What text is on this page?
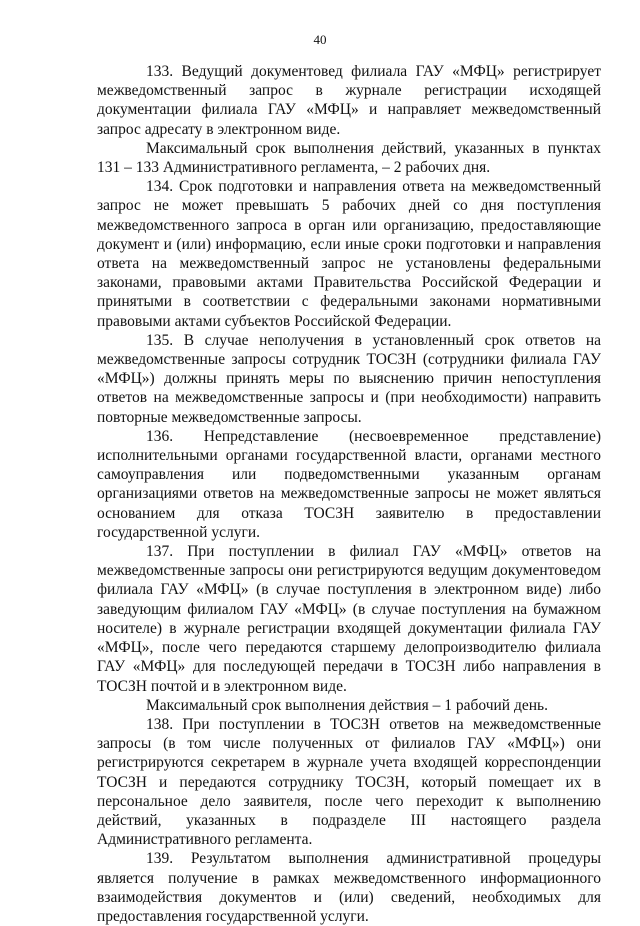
40

133. Ведущий документовед филиала ГАУ «МФЦ» регистрирует межведомственный запрос в журнале регистрации исходящей документации филиала ГАУ «МФЦ» и направляет межведомственный запрос адресату в электронном виде.

Максимальный срок выполнения действий, указанных в пунктах 131 – 133 Административного регламента, – 2 рабочих дня.

134. Срок подготовки и направления ответа на межведомственный запрос не может превышать 5 рабочих дней со дня поступления межведомственного запроса в орган или организацию, предоставляющие документ и (или) информацию, если иные сроки подготовки и направления ответа на межведомственный запрос не установлены федеральными законами, правовыми актами Правительства Российской Федерации и принятыми в соответствии с федеральными законами нормативными правовыми актами субъектов Российской Федерации.

135. В случае неполучения в установленный срок ответов на межведомственные запросы сотрудник ТОСЗН (сотрудники филиала ГАУ «МФЦ») должны принять меры по выяснению причин непоступления ответов на межведомственные запросы и (при необходимости) направить повторные межведомственные запросы.

136. Непредставление (несвоевременное представление) исполнительными органами государственной власти, органами местного самоуправления или подведомственными указанным органам организациями ответов на межведомственные запросы не может являться основанием для отказа ТОСЗН заявителю в предоставлении государственной услуги.

137. При поступлении в филиал ГАУ «МФЦ» ответов на межведомственные запросы они регистрируются ведущим документоведом филиала ГАУ «МФЦ» (в случае поступления в электронном виде) либо заведующим филиалом ГАУ «МФЦ» (в случае поступления на бумажном носителе) в журнале регистрации входящей документации филиала ГАУ «МФЦ», после чего передаются старшему делопроизводителю филиала ГАУ «МФЦ» для последующей передачи в ТОСЗН либо направления в ТОСЗН почтой и в электронном виде.

Максимальный срок выполнения действия – 1 рабочий день.

138. При поступлении в ТОСЗН ответов на межведомственные запросы (в том числе полученных от филиалов ГАУ «МФЦ») они регистрируются секретарем в журнале учета входящей корреспонденции ТОСЗН и передаются сотруднику ТОСЗН, который помещает их в персональное дело заявителя, после чего переходит к выполнению действий, указанных в подразделе III настоящего раздела Административного регламента.

139. Результатом выполнения административной процедуры является получение в рамках межведомственного информационного взаимодействия документов и (или) сведений, необходимых для предоставления государственной услуги.
